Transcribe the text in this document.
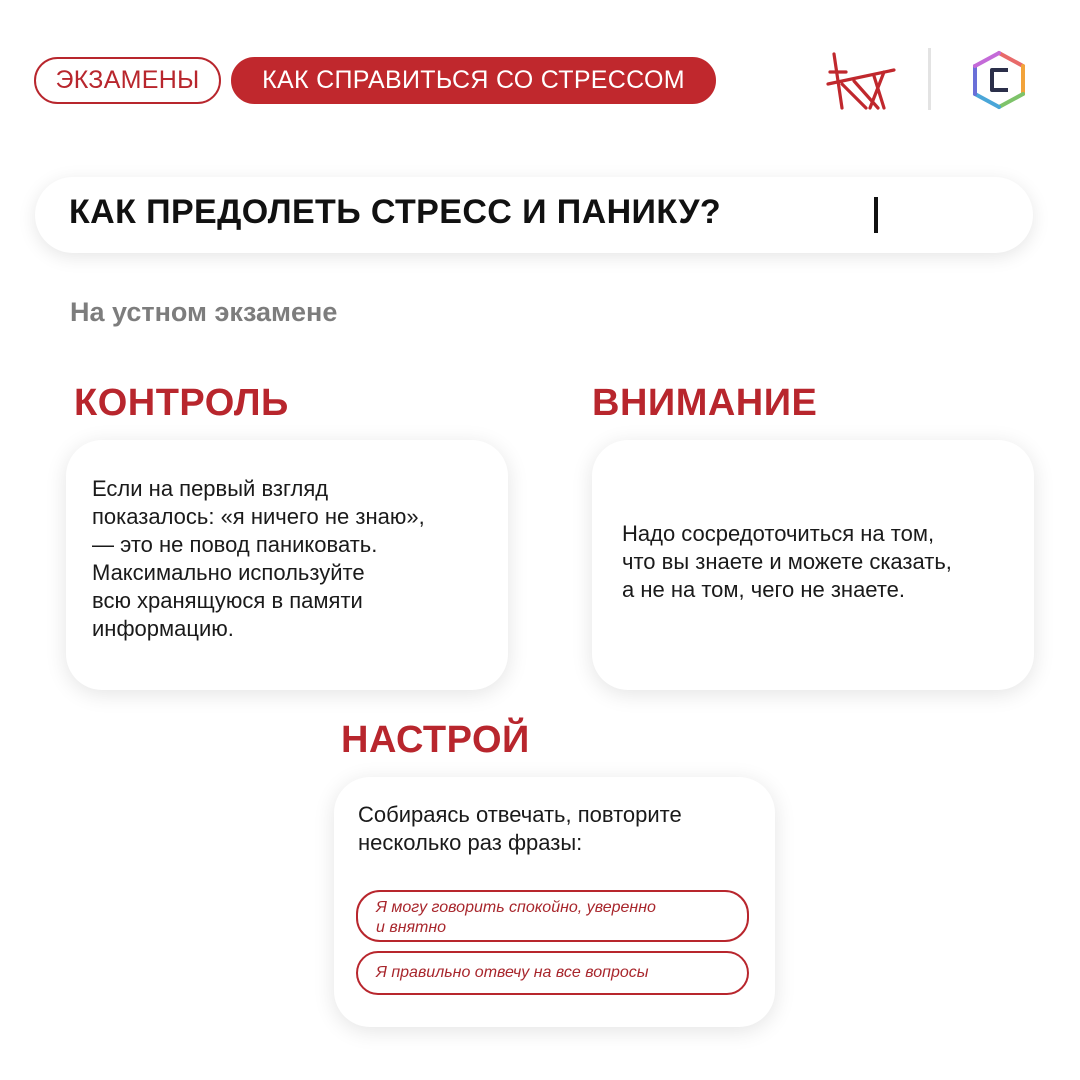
ЭКЗАМЕНЫ	КАК СПРАВИТЬСЯ СО СТРЕССОМ
КАК ПРЕДОЛЕТЬ СТРЕСС И ПАНИКУ?
На устном экзамене
КОНТРОЛЬ
Если на первый взгляд
показалось: «я ничего не знаю»,
— это не повод паниковать.
Максимально используйте
всю хранящуюся в памяти
информацию.
ВНИМАНИЕ
Надо сосредоточиться на том,
что вы знаете и можете сказать,
а не на том, чего не знаете.
НАСТРОЙ
Собираясь отвечать, повторите
несколько раз фразы:
Я могу говорить спокойно, уверенно
и внятно
Я правильно отвечу на все вопросы
